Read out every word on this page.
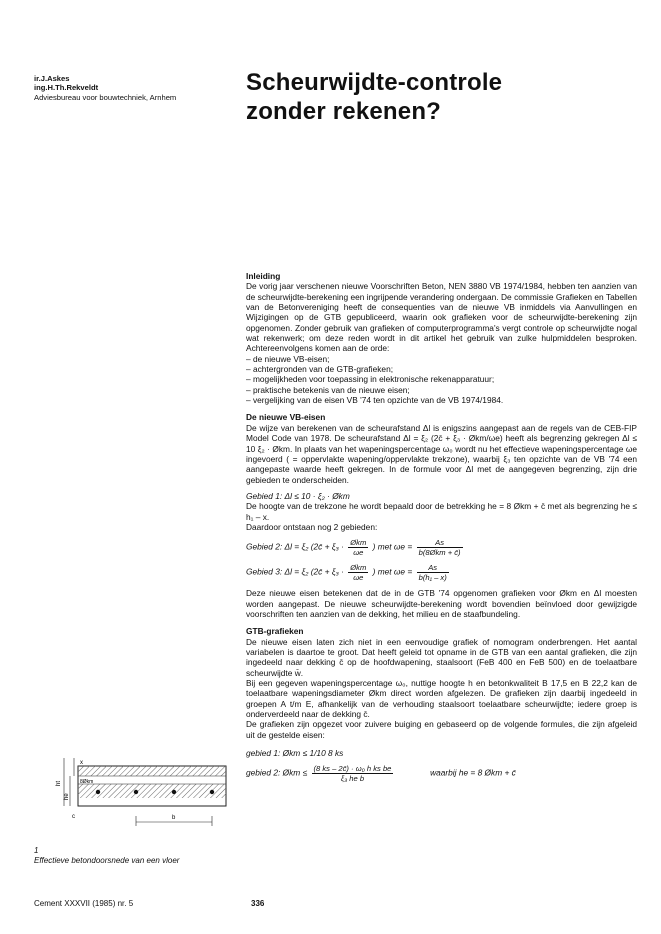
ir.J.Askes
ing.H.Th.Rekveldt
Adviesbureau voor bouwtechniek, Arnhem
Scheurwijdte-controle
zonder rekenen?
Inleiding

De vorig jaar verschenen nieuwe Voorschriften Beton, NEN 3880 VB 1974/1984, hebben ten aanzien van de scheurwijdte-berekening een ingrijpende verandering ondergaan. De commissie Grafieken en Tabellen van de Betonvereniging heeft de consequenties van de nieuwe VB inmiddels via Aanvullingen en Wijzigingen op de GTB gepubliceerd, waarin ook grafieken voor de scheurwijdte-berekening zijn opgenomen. Zonder gebruik van grafieken of computerprogramma's vergt controle op scheurwijdte nogal wat rekenwerk; om deze reden wordt in dit artikel het gebruik van zulke hulpmiddelen besproken. Achtereenvolgens komen aan de orde:

– de nieuwe VB-eisen;
– achtergronden van de GTB-grafieken;
– mogelijkheden voor toepassing in elektronische rekenapparatuur;
– praktische betekenis van de nieuwe eisen;
– vergelijking van de eisen VB '74 ten opzichte van de VB 1974/1984.
De nieuwe VB-eisen

De wijze van berekenen van de scheurafstand Δl is enigszins aangepast aan de regels van de CEB-FIP Model Code van 1978. De scheurafstand Δl = ξ₂ (2c̄ + ξ₃ · Økm/ωe) heeft als begrenzing gekregen Δl ≤ 10 ξ₂ · Økm. In plaats van het wapeningspercentage ω₀ wordt nu het effectieve wapeningspercentage ωe ingevoerd ( = oppervlakte wapening/oppervlakte trekzone), waarbij ξ₃ ten opzichte van de VB '74 een aangepaste waarde heeft gekregen. In de formule voor Δl met de aangegeven begrenzing, zijn drie gebieden te onderscheiden.

Gebied 1: Δl ≤ 10 · ξ₂ · Økm

De hoogte van de trekzone he wordt bepaald door de betrekking he = 8 Økm + c̄ met als begrenzing he ≤ h₁ – x.

Daardoor ontstaan nog 2 gebieden:

Gebied 2: Δl = ξ₂ (2c̄ + $\xi_3 \cdot \frac{\text{Økm}}{\omega e}$ ) met $\omega e = \frac{As}{\text{b(8Økm + c̄)}}$
Gebied 3: Δl = ξ₂ (2c̄ + $\xi_3 \cdot \frac{\text{Økm}}{\omega e}$ ) met $\omega e = \frac{As}{\text{b(h₁ – x)}}$

Deze nieuwe eisen betekenen dat de in de GTB '74 opgenomen grafieken voor Økm en Δl moesten worden aangepast. De nieuwe scheurwijdte-berekening wordt bovendien beïnvloed door gewijzigde voorschriften ten aanzien van de dekking, het milieu en de staafbundeling.

GTB-grafieken

De nieuwe eisen laten zich niet in een eenvoudige grafiek of nomogram onderbrengen. Het aantal variabelen is daartoe te groot. Dat heeft geleid tot opname in de GTB van een aantal grafieken, die zijn ingedeeld naar dekking c̄ op de hoofdwapening, staalsoort (FeB 400 en FeB 500) en de toelaatbare scheurwijdte w̄.

Bij een gegeven wapeningspercentage ω₀, nuttige hoogte h en betonkwaliteit B 17,5 en B 22,2 kan de toelaatbare wapeningsdiameter Økm direct worden afgelezen. De grafieken zijn daarbij ingedeeld in groepen A t/m E, afhankelijk van de verhouding staalsoort toelaatbare scheurwijdte; iedere groep is onderverdeeld naar de dekking c̄.

De grafieken zijn opgezet voor zuivere buiging en gebaseerd op de volgende formules, die zijn afgeleid uit de gestelde eisen:

gebied 1: Økm ≤ 1/10 8 ks

gebied 2: Økm ≤ $\frac{\text{(8 ks – 2c̄) · ω₀ h ks be}}{\text{ξ₃ he b}}$	waarbij he = 8 Økm + c̄
ht
he
x
8Økm
c	b
1
Effectieve betondoorsnede van een vloer
Cement XXXVII (1985) nr. 5	336
